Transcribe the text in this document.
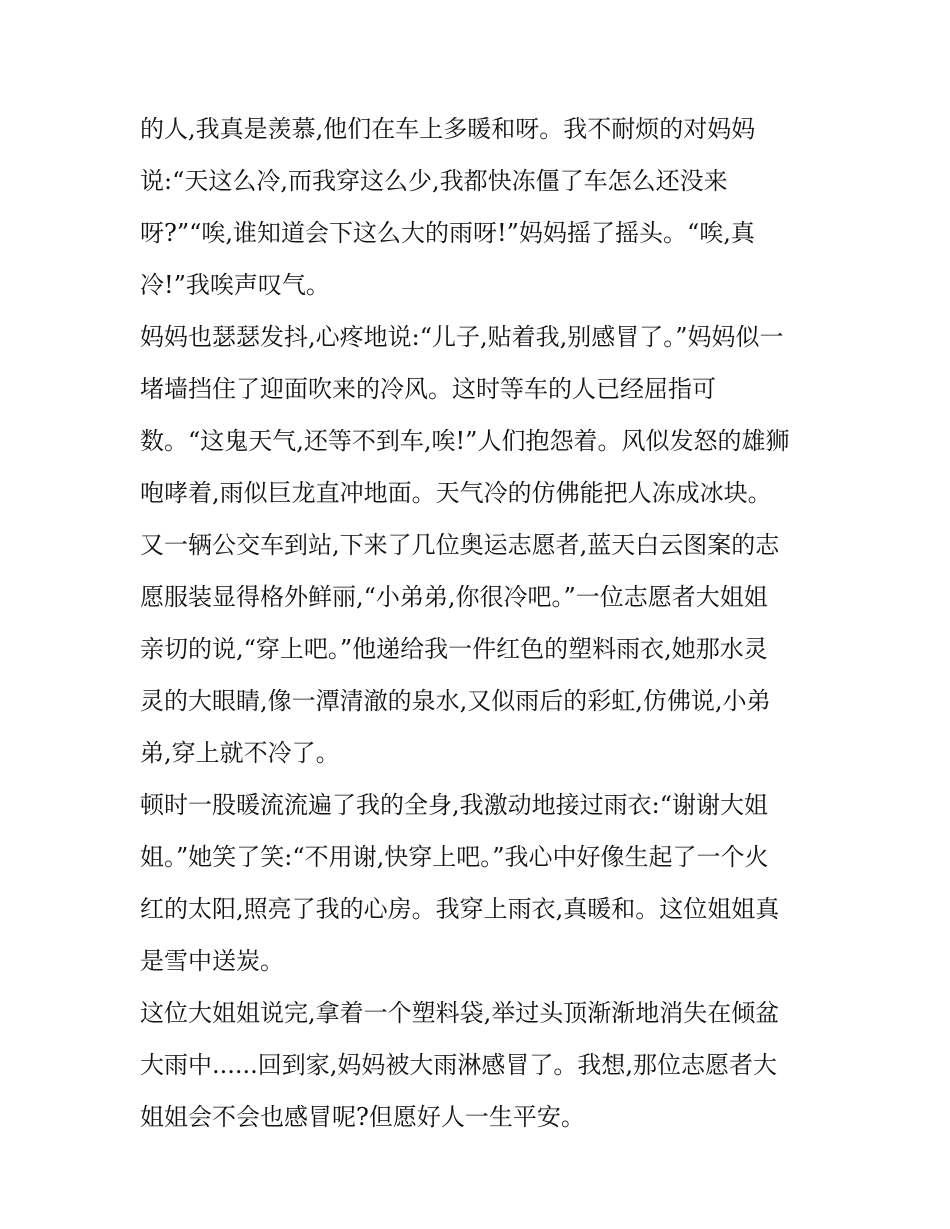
的人,我真是羡慕,他们在车上多暖和呀。我不耐烦的对妈妈
说:“天这么冷,而我穿这么少,我都快冻僵了车怎么还没来
呀?”“唉,谁知道会下这么大的雨呀!”妈妈摇了摇头。“唉,真
冷!”我唉声叹气。
妈妈也瑟瑟发抖,心疼地说:“儿子,贴着我,别感冒了。”妈妈似一
堵墙挡住了迎面吹来的冷风。这时等车的人已经屈指可
数。“这鬼天气,还等不到车,唉!”人们抱怨着。风似发怒的雄狮
咆哮着,雨似巨龙直冲地面。天气冷的仿佛能把人冻成冰块。
又一辆公交车到站,下来了几位奥运志愿者,蓝天白云图案的志
愿服装显得格外鲜丽,“小弟弟,你很冷吧。”一位志愿者大姐姐
亲切的说,“穿上吧。”他递给我一件红色的塑料雨衣,她那水灵
灵的大眼睛,像一潭清澈的泉水,又似雨后的彩虹,仿佛说,小弟
弟,穿上就不冷了。
顿时一股暖流流遍了我的全身,我激动地接过雨衣:“谢谢大姐
姐。”她笑了笑:“不用谢,快穿上吧。”我心中好像生起了一个火
红的太阳,照亮了我的心房。我穿上雨衣,真暖和。这位姐姐真
是雪中送炭。
这位大姐姐说完,拿着一个塑料袋,举过头顶渐渐地消失在倾盆
大雨中......回到家,妈妈被大雨淋感冒了。我想,那位志愿者大
姐姐会不会也感冒呢?但愿好人一生平安。
